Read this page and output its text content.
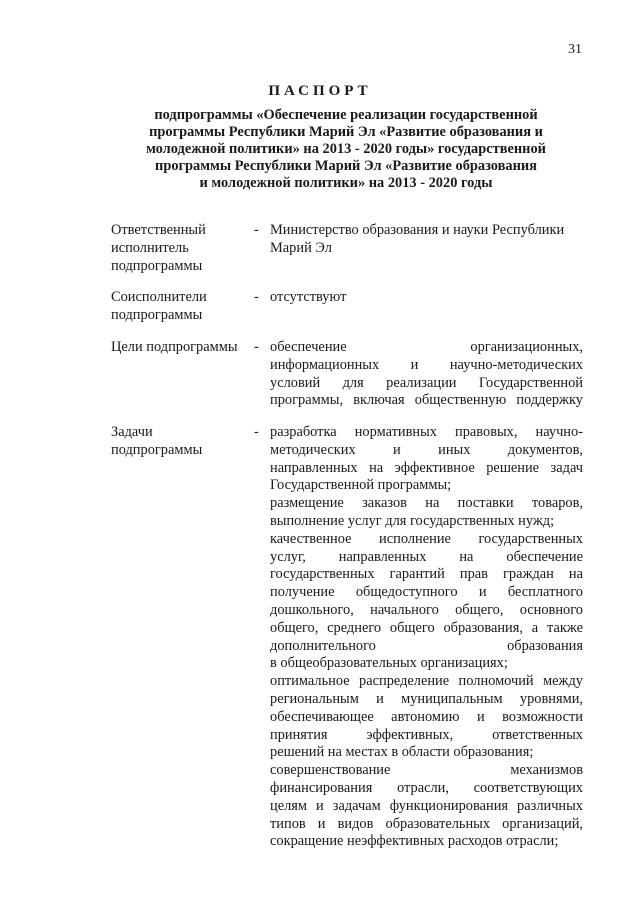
31
ПАСПОРТ
подпрограммы «Обеспечение реализации государственной
программы Республики Марий Эл «Развитие образования и
молодежной политики» на 2013 - 2020 годы» государственной
программы Республики Марий Эл «Развитие образования
и молодежной политики» на 2013 - 2020 годы
Ответственный
исполнитель
подпрограммы
- Министерство образования и науки Республики
Марий Эл
Соисполнители
подпрограммы
- отсутствуют
Цели подпрограммы	- обеспечение организационных,
информационных и научно-методических
условий для реализации Государственной
программы, включая общественную поддержку
Задачи
подпрограммы
- разработка нормативных правовых, научно-
методических и иных документов,
направленных на эффективное решение задач
Государственной программы;
размещение заказов на поставки товаров,
выполнение услуг для государственных нужд;
качественное исполнение государственных
услуг, направленных на обеспечение
государственных гарантий прав граждан на
получение общедоступного и бесплатного
дошкольного, начального общего, основного
общего, среднего общего образования, а также
дополнительного образования
в общеобразовательных организациях;
оптимальное распределение полномочий между
региональным и муниципальным уровнями,
обеспечивающее автономию и возможности
принятия эффективных, ответственных
решений на местах в области образования;
совершенствование механизмов
финансирования отрасли, соответствующих
целям и задачам функционирования различных
типов и видов образовательных организаций,
сокращение неэффективных расходов отрасли;
